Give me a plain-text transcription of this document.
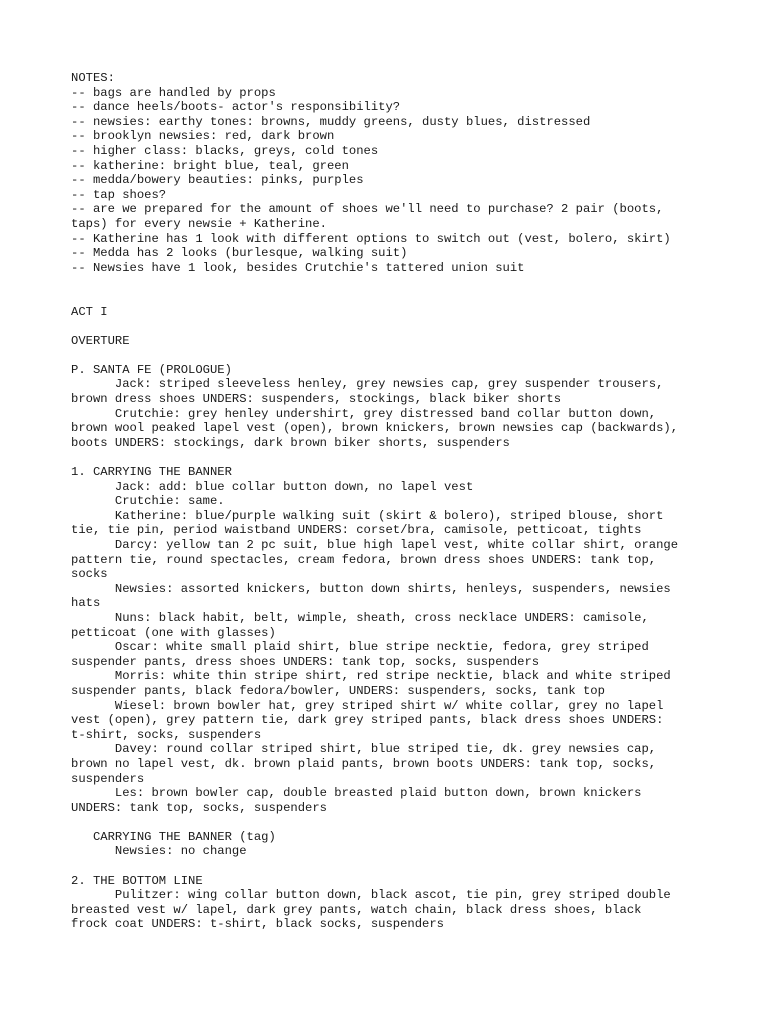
NOTES:

-- bags are handled by props

-- dance heels/boots- actor's responsibility?

-- newsies: earthy tones: browns, muddy greens, dusty blues, distressed

-- brooklyn newsies: red, dark brown

-- higher class: blacks, greys, cold tones

-- katherine: bright blue, teal, green

-- medda/bowery beauties: pinks, purples

-- tap shoes?

-- are we prepared for the amount of shoes we'll need to purchase? 2 pair (boots,

taps) for every newsie + Katherine.

-- Katherine has 1 look with different options to switch out (vest, bolero, skirt)

-- Medda has 2 looks (burlesque, walking suit)

-- Newsies have 1 look, besides Crutchie's tattered union suit

ACT I

OVERTURE

P. SANTA FE (PROLOGUE)

Jack: striped sleeveless henley, grey newsies cap, grey suspender trousers,

brown dress shoes UNDERS: suspenders, stockings, black biker shorts

Crutchie: grey henley undershirt, grey distressed band collar button down,

brown wool peaked lapel vest (open), brown knickers, brown newsies cap (backwards),

boots UNDERS: stockings, dark brown biker shorts, suspenders

1. CARRYING THE BANNER

Jack: add: blue collar button down, no lapel vest

Crutchie: same.

Katherine: blue/purple walking suit (skirt & bolero), striped blouse, short

tie, tie pin, period waistband UNDERS: corset/bra, camisole, petticoat, tights

Darcy: yellow tan 2 pc suit, blue high lapel vest, white collar shirt, orange

pattern tie, round spectacles, cream fedora, brown dress shoes UNDERS: tank top,

socks

Newsies: assorted knickers, button down shirts, henleys, suspenders, newsies

hats

Nuns: black habit, belt, wimple, sheath, cross necklace UNDERS: camisole,

petticoat (one with glasses)

Oscar: white small plaid shirt, blue stripe necktie, fedora, grey striped

suspender pants, dress shoes UNDERS: tank top, socks, suspenders

Morris: white thin stripe shirt, red stripe necktie, black and white striped

suspender pants, black fedora/bowler, UNDERS: suspenders, socks, tank top

Wiesel: brown bowler hat, grey striped shirt w/ white collar, grey no lapel

vest (open), grey pattern tie, dark grey striped pants, black dress shoes UNDERS:

t-shirt, socks, suspenders

Davey: round collar striped shirt, blue striped tie, dk. grey newsies cap,

brown no lapel vest, dk. brown plaid pants, brown boots UNDERS: tank top, socks,

suspenders

Les: brown bowler cap, double breasted plaid button down, brown knickers

UNDERS: tank top, socks, suspenders

CARRYING THE BANNER (tag)

Newsies: no change

2. THE BOTTOM LINE

Pulitzer: wing collar button down, black ascot, tie pin, grey striped double

breasted vest w/ lapel, dark grey pants, watch chain, black dress shoes, black

frock coat UNDERS: t-shirt, black socks, suspenders
